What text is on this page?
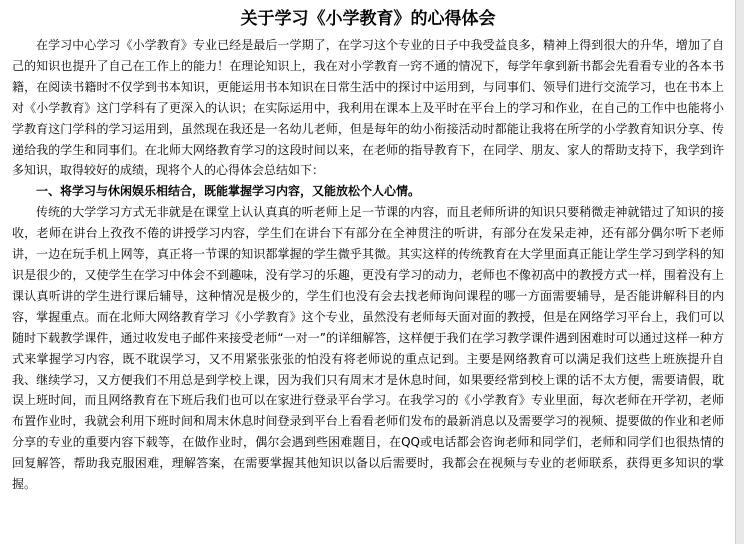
关于学习《小学教育》的心得体会

在学习中心学习《小学教育》专业已经是最后一学期了，在学习这个专业的日子中我受益良多，精神上得到很大的升华，增加了自己的知识也提升了自己在工作上的能力！在理论知识上，我在对小学教育一窍不通的情况下，每学年拿到新书都会先看看专业的各本书籍，在阅读书籍时不仅学到书本知识，更能运用书本知识在日常生活中的探讨中运用到，与同事们、领导们进行交流学习，也在书本上对《小学教育》这门学科有了更深入的认识；在实际运用中，我利用在课本上及平时在平台上的学习和作业，在自己的工作中也能将小学教育这门学科的学习运用到，虽然现在我还是一名幼儿老师，但是每年的幼小衔接活动时都能让我将在所学的小学教育知识分享、传递给我的学生和同事们。在北师大网络教育学习的这段时间以来，在老师的指导教育下，在同学、朋友、家人的帮助支持下，我学到许多知识，取得较好的成绩，现将个人的心得体会总结如下：

一、将学习与休闲娱乐相结合，既能掌握学习内容，又能放松个人心情。

传统的大学学习方式无非就是在课堂上认认真真的听老师上足一节课的内容，而且老师所讲的知识只要稍微走神就错过了知识的接收，老师在讲台上孜孜不倦的讲授学习内容，学生们在讲台下有部分在全神贯注的听讲，有部分在发呆走神，还有部分偶尔听下老师讲，一边在玩手机上网等，真正将一节课的知识都掌握的学生微乎其微。其实这样的传统教育在大学里面真正能让学生学习到学科的知识是很少的，又使学生在学习中体会不到趣味，没有学习的乐趣，更没有学习的动力，老师也不像初高中的教授方式一样，围着没有上课认真听讲的学生进行课后辅导，这种情况是极少的，学生们也没有会去找老师询问课程的哪一方面需要辅导，是否能讲解科目的内容，掌握重点。而在北师大网络教育学习《小学教育》这个专业，虽然没有老师每天面对面的教授，但是在网络学习平台上，我们可以随时下载教学课件，通过收发电子邮件来接受老师“一对一”的详细解答，这样便于我们在学习教学课件遇到困难时可以通过这样一种方式来掌握学习内容，既不耽误学习，又不用紧张张张的怕没有将老师说的重点记到。主要是网络教育可以满足我们这些上班族提升自我、继续学习，又方便我们不用总是到学校上课，因为我们只有周末才是休息时间，如果要经常到校上课的话不太方便，需要请假，耽误上班时间，而且网络教育在下班后我们也可以在家进行登录平台学习。在我学习的《小学教育》专业里面，每次老师在开学初，老师布置作业时，我就会利用下班时间和周末休息时间登录到平台上看看老师们发布的最新消息以及需要学习的视频、提要做的作业和老师分享的专业的重要内容下载等，在做作业时，偶尔会遇到些困难题目，在QQ或电话都会咨询老师和同学们，老师和同学们也很热情的回复解答，帮助我克服困难，理解答案，在需要掌握其他知识以备以后需要时，我都会在视频与专业的老师联系，获得更多知识的掌握。
